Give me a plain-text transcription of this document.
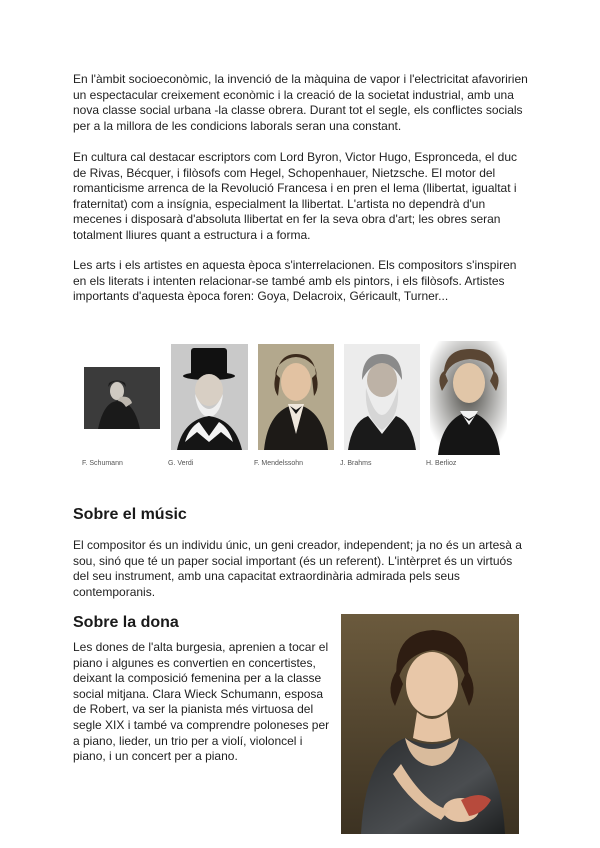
En l'àmbit socioeconòmic, la invenció de la màquina de vapor i l'electricitat afavoririen un espectacular creixement econòmic i la creació de la societat industrial, amb una nova classe social urbana -la classe obrera. Durant tot el segle, els conflictes socials per a la millora de les condicions laborals seran una constant.

En cultura cal destacar escriptors com Lord Byron, Victor Hugo, Espronceda, el duc de Rivas, Bécquer, i filòsofs com Hegel, Schopenhauer, Nietzsche. El motor del romanticisme arrenca de la Revolució Francesa i en pren el lema (llibertat, igualtat i fraternitat) com a insígnia, especialment la llibertat. L'artista no dependrà d'un mecenes i disposarà d'absoluta llibertat en fer la seva obra d'art; les obres seran totalment lliures quant a estructura i a forma.

Les arts i els artistes en aquesta època s'interrelacionen. Els compositors s'inspiren en els literats i intenten relacionar-se també amb els pintors, i els filòsofs. Artistes importants d'aquesta època foren: Goya, Delacroix, Géricault, Turner...

F. Schumann	G. Verdi	F. Mendelssohn	J. Brahms	H. Berlioz
Sobre el músic

El compositor és un individu únic, un geni creador, independent; ja no és un artesà a sou, sinó que té un paper social important (és un referent). L'intèrpret és un virtuós del seu instrument, amb una capacitat extraordinària admirada pels seus contemporanis.

Sobre la dona

Les dones de l'alta burgesia, aprenien a tocar el piano i algunes es convertien en concertistes, deixant la composició femenina per a la classe social mitjana. Clara Wieck Schumann, esposa de Robert, va ser la pianista més virtuosa del segle XIX i també va comprendre poloneses per a piano, lieder, un trio per a violí, violoncel i piano, i un concert per a piano.
